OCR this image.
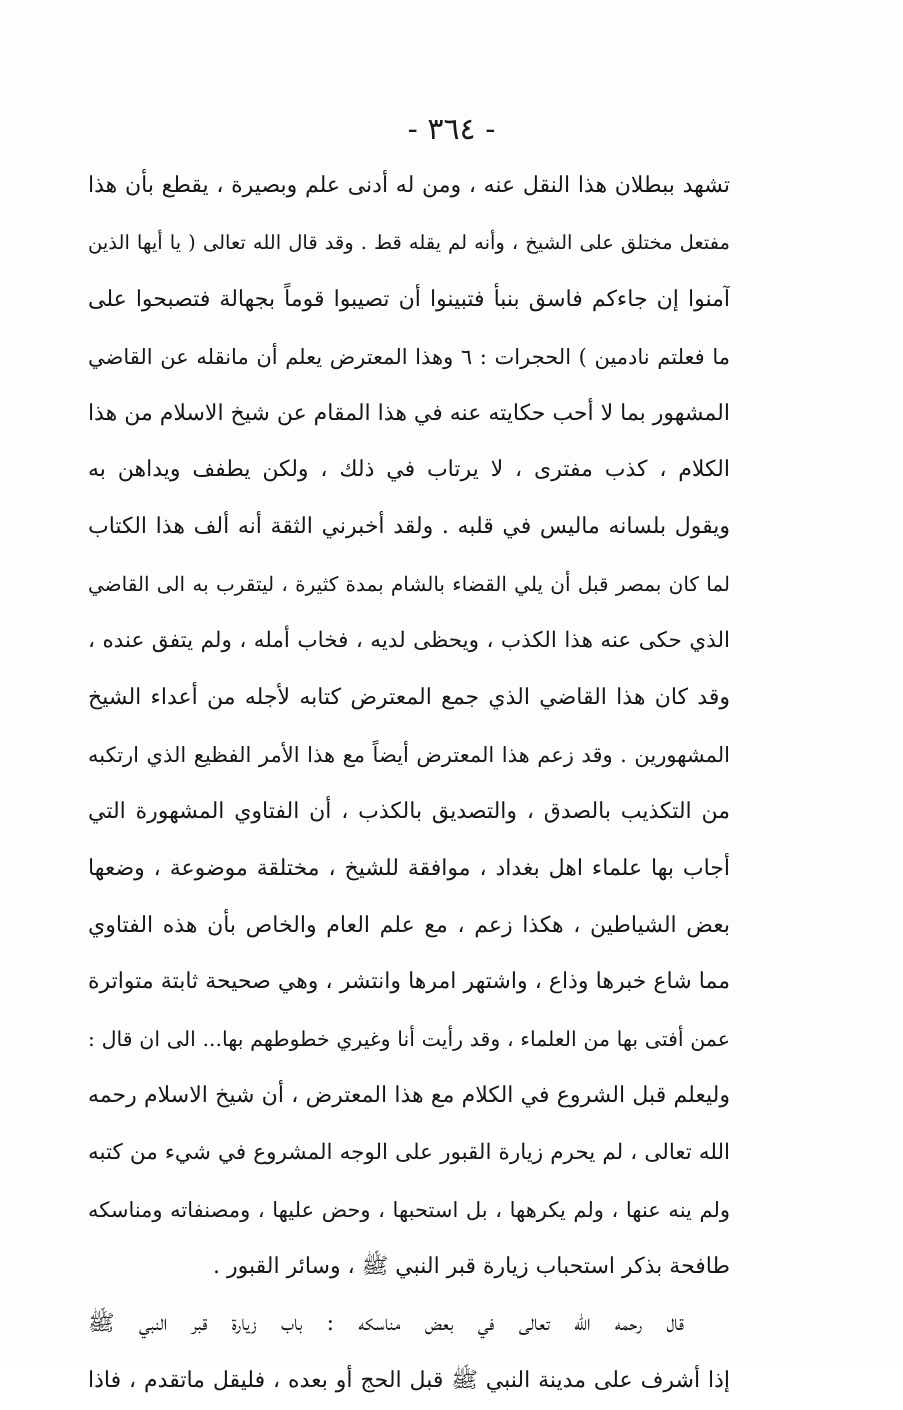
- ٣٦٤ -
تشهد ببطلان هذا النقل عنه ، ومن له أدنى علم وبصيرة ، يقطع بأن هذا
مفتعل مختلق على الشيخ ، وأنه لم يقله قط . وقد قال الله تعالى ( يا أيها الذين
آمنوا إن جاءكم فاسق بنبأ فتبينوا أن تصيبوا قوماً بجهالة فتصبحوا على
ما فعلتم نادمين ) الحجرات : ٦ وهذا المعترض يعلم أن مانقله عن القاضي
المشهور بما لا أحب حكايته عنه في هذا المقام عن شيخ الاسلام من هذا
الكلام ، كذب مفترى ، لا يرتاب في ذلك ، ولكن يطفف ويداهن به
ويقول بلسانه ماليس في قلبه . ولقد أخبرني الثقة أنه ألف هذا الكتاب
لما كان بمصر قبل أن يلي القضاء بالشام بمدة كثيرة ، ليتقرب به الى القاضي
الذي حكى عنه هذا الكذب ، ويحظى لديه ، فخاب أمله ، ولم يتفق عنده ،
وقد كان هذا القاضي الذي جمع المعترض كتابه لأجله من أعداء الشيخ
المشهورين . وقد زعم هذا المعترض أيضاً مع هذا الأمر الفظيع الذي ارتكبه
من التكذيب بالصدق ، والتصديق بالكذب ، أن الفتاوي المشهورة التي
أجاب بها علماء اهل بغداد ، موافقة للشيخ ، مختلقة موضوعة ، وضعها
بعض الشياطين ، هكذا زعم ، مع علم العام والخاص بأن هذه الفتاوي
مما شاع خبرها وذاع ، واشتهر امرها وانتشر ، وهي صحيحة ثابتة متواترة
عمن أفتى بها من العلماء ، وقد رأيت أنا وغيري خطوطهم بها... الى ان قال :
وليعلم قبل الشروع في الكلام مع هذا المعترض ، أن شيخ الاسلام رحمه
الله تعالى ، لم يحرم زيارة القبور على الوجه المشروع في شيء من كتبه
ولم ينه عنها ، ولم يكرهها ، بل استحبها ، وحض عليها ، ومصنفاته ومناسكه
طافحة بذكر استحباب زيارة قبر النبي ﷺ ، وسائر القبور .
قال رحمه الله تعالى في بعض مناسكه : باب زيارة قبر النبي ﷺ
إذا أشرف على مدينة النبي ﷺ قبل الحج أو بعده ، فليقل ماتقدم ، فاذا
